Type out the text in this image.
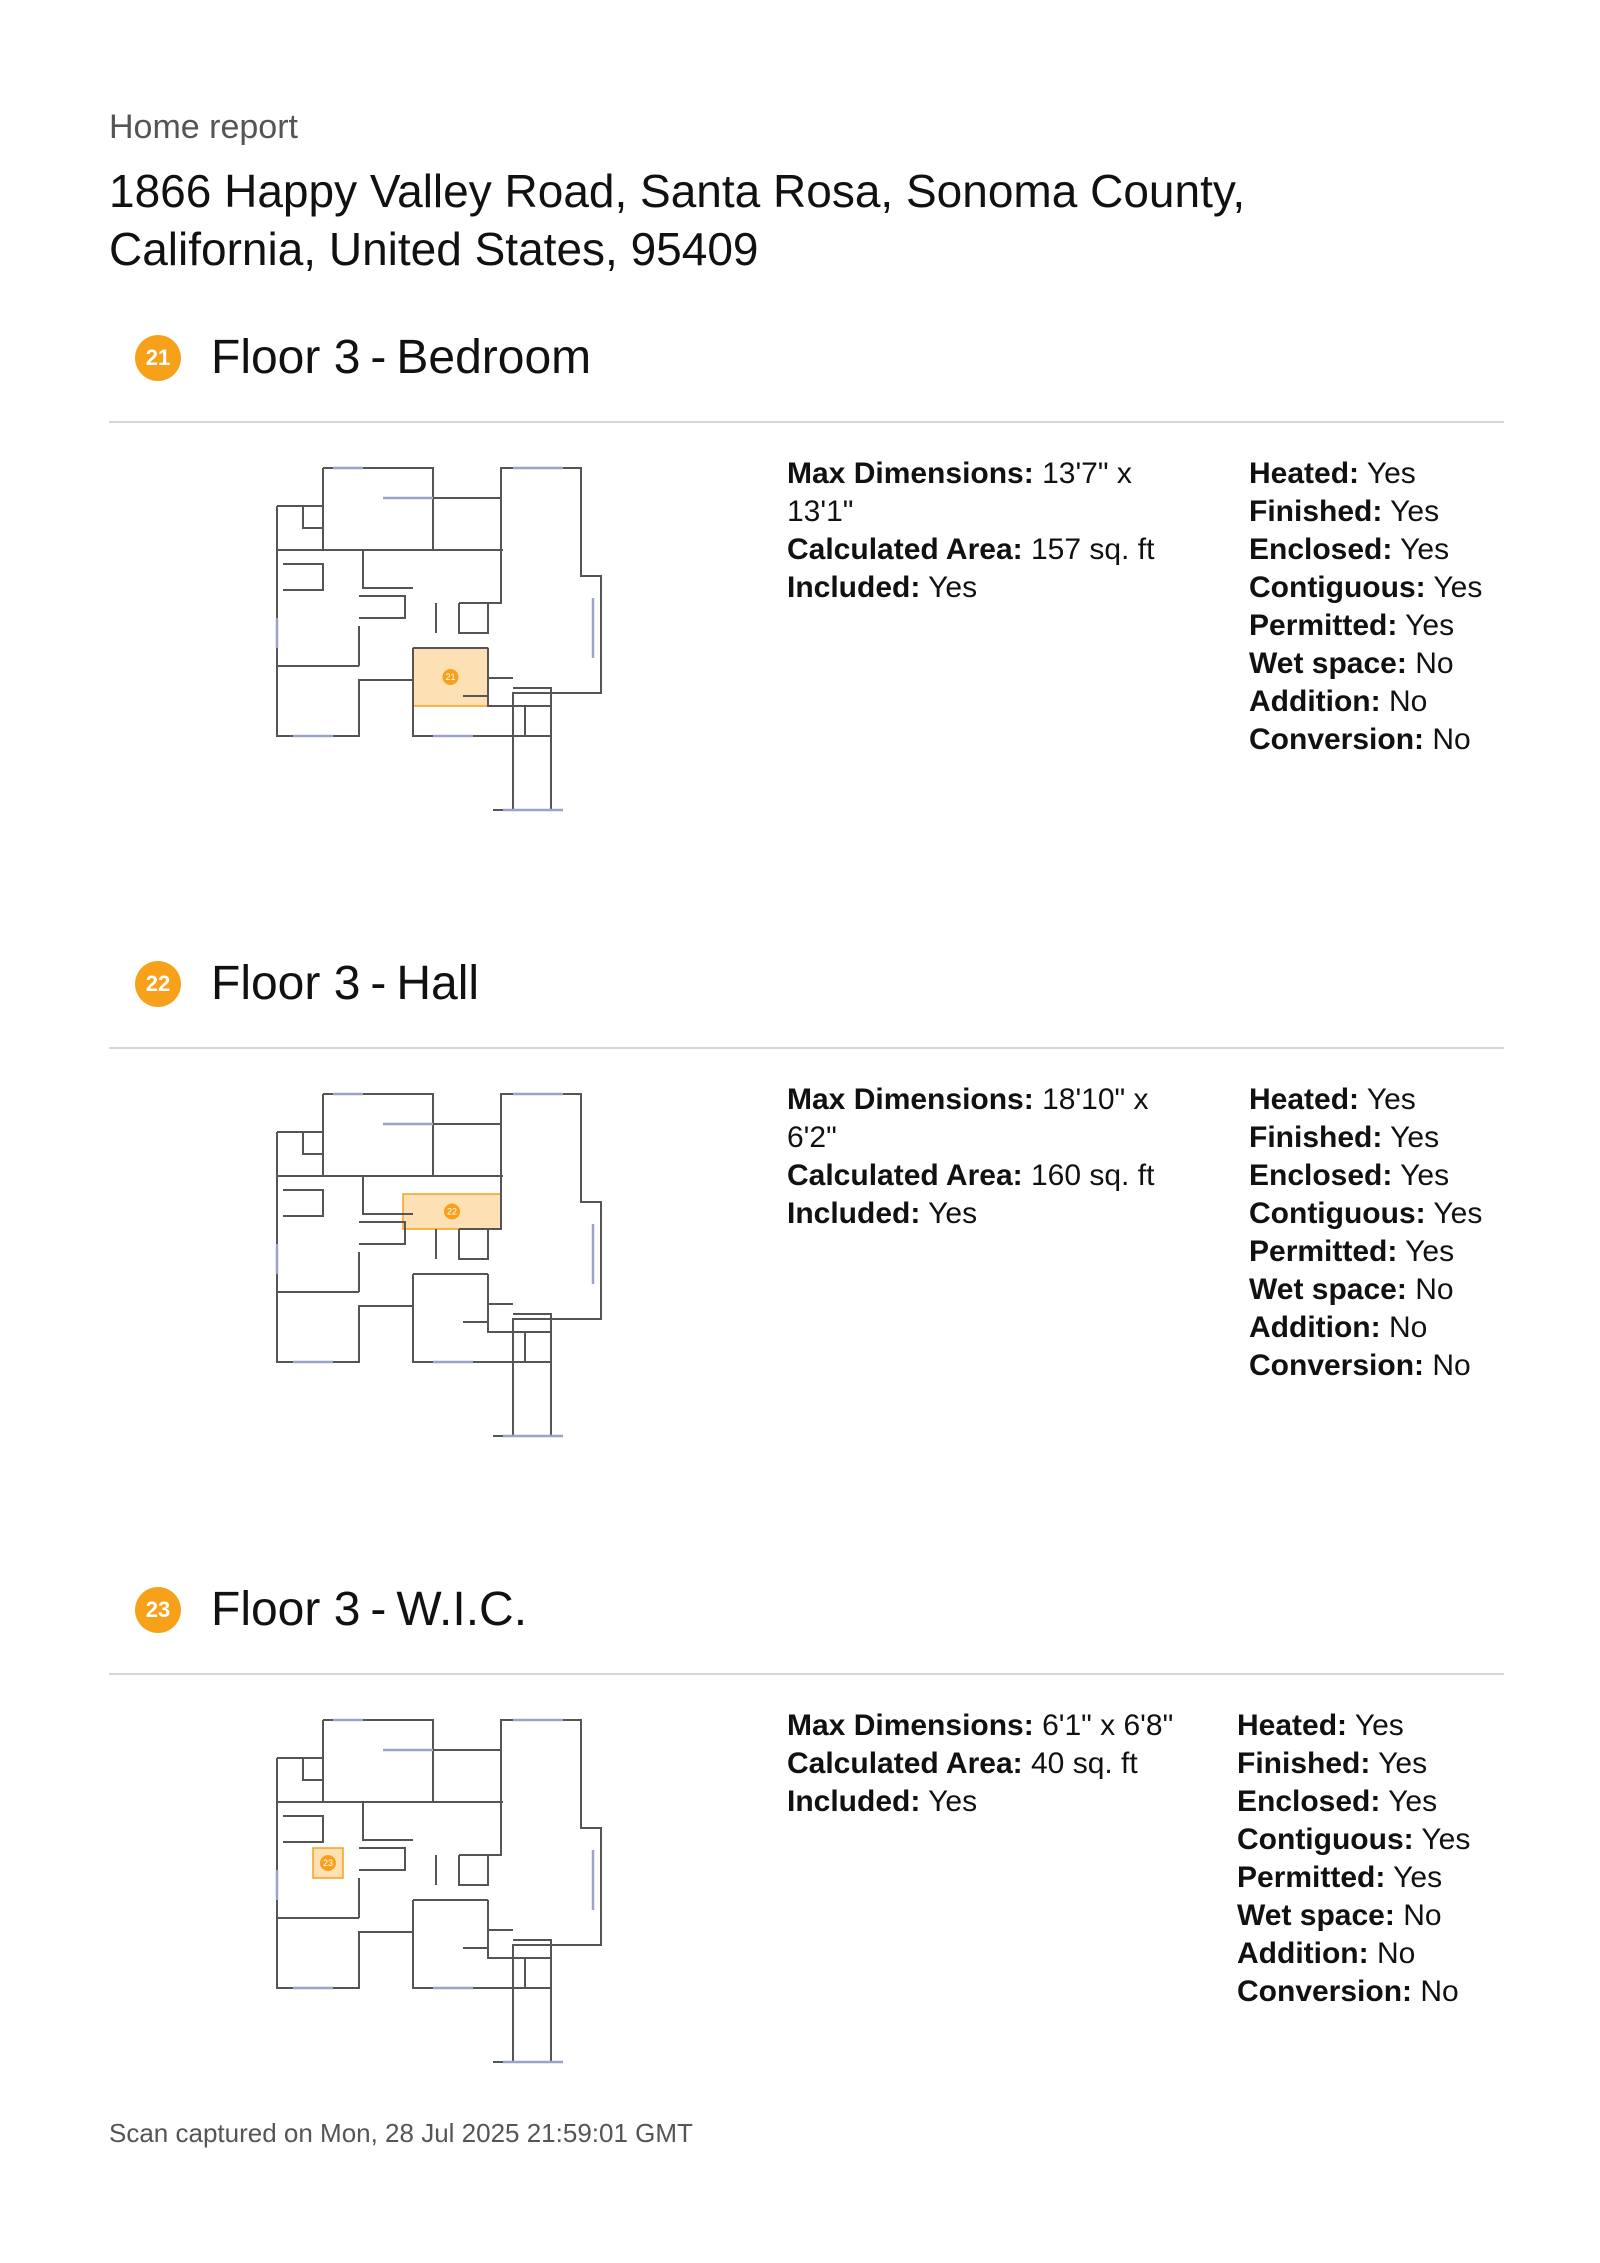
Home report
1866 Happy Valley Road, Santa Rosa, Sonoma County, California, United States, 95409
21 Floor 3 - Bedroom
21
Max Dimensions: 13'7" x 13'1"
Calculated Area: 157 sq. ft
Included: Yes
Heated: Yes
Finished: Yes
Enclosed: Yes
Contiguous: Yes
Permitted: Yes
Wet space: No
Addition: No
Conversion: No
22 Floor 3 - Hall
22
Max Dimensions: 18'10" x 6'2"
Calculated Area: 160 sq. ft
Included: Yes
Heated: Yes
Finished: Yes
Enclosed: Yes
Contiguous: Yes
Permitted: Yes
Wet space: No
Addition: No
Conversion: No
23 Floor 3 - W.I.C.
23
Max Dimensions: 6'1" x 6'8"
Calculated Area: 40 sq. ft
Included: Yes
Heated: Yes
Finished: Yes
Enclosed: Yes
Contiguous: Yes
Permitted: Yes
Wet space: No
Addition: No
Conversion: No
Scan captured on Mon, 28 Jul 2025 21:59:01 GMT
